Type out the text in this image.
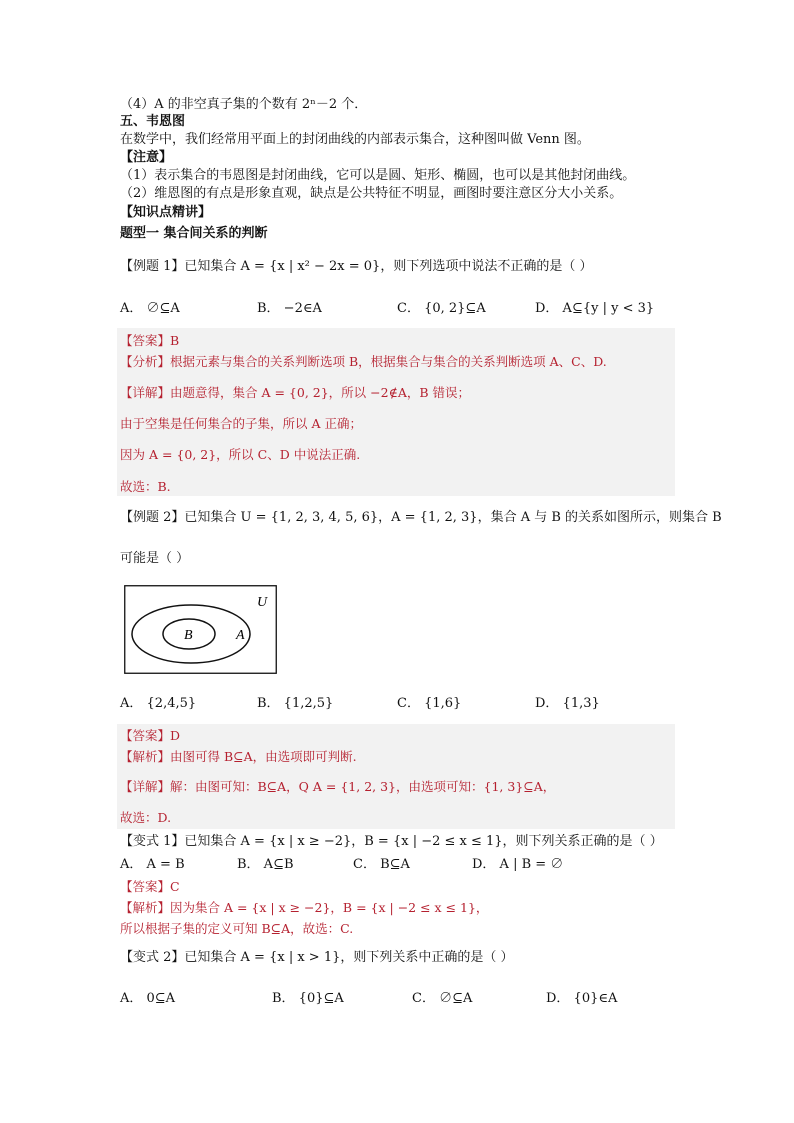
（4）A 的非空真子集的个数有 2ⁿ－2 个．
五、韦恩图
在数学中，我们经常用平面上的封闭曲线的内部表示集合，这种图叫做 Venn 图。
【注意】
（1）表示集合的韦恩图是封闭曲线，它可以是圆、矩形、椭圆，也可以是其他封闭曲线。
（2）维恩图的有点是形象直观，缺点是公共特征不明显，画图时要注意区分大小关系。
【知识点精讲】
题型一 集合间关系的判断
【例题 1】已知集合 A = {x | x² − 2x = 0}，则下列选项中说法不正确的是（ ）
A． ∅⊆A	B． −2∈A	C． {0, 2}⊆A	D． A⊆{y | y < 3}
【答案】B
【分析】根据元素与集合的关系判断选项 B，根据集合与集合的关系判断选项 A、C、D.
【详解】由题意得，集合 A = {0, 2}，所以 −2∉A，B 错误；
由于空集是任何集合的子集，所以 A 正确；
因为 A = {0, 2}，所以 C、D 中说法正确.
故选：B.
【例题 2】已知集合 U = {1, 2, 3, 4, 5, 6}，A = {1, 2, 3}，集合 A 与 B 的关系如图所示，则集合 B
可能是（ ）
U
A
B
A． {2,4,5}	B． {1,2,5}	C． {1,6}	D． {1,3}
【答案】D
【解析】由图可得 B⊆A，由选项即可判断.
【详解】解：由图可知：B⊆A，Q A = {1, 2, 3}，由选项可知：{1, 3}⊆A，
故选：D.
【变式 1】已知集合 A = {x | x ≥ −2}，B = {x | −2 ≤ x ≤ 1}，则下列关系正确的是（ ）
A． A = B	B． A⊆B	C． B⊆A	D． A | B = ∅
【答案】C
【解析】因为集合 A = {x | x ≥ −2}，B = {x | −2 ≤ x ≤ 1}，
所以根据子集的定义可知 B⊆A，故选：C.
【变式 2】已知集合 A = {x | x > 1}，则下列关系中正确的是（ ）
A． 0⊆A	B． {0}⊆A	C． ∅⊆A	D． {0}∈A
